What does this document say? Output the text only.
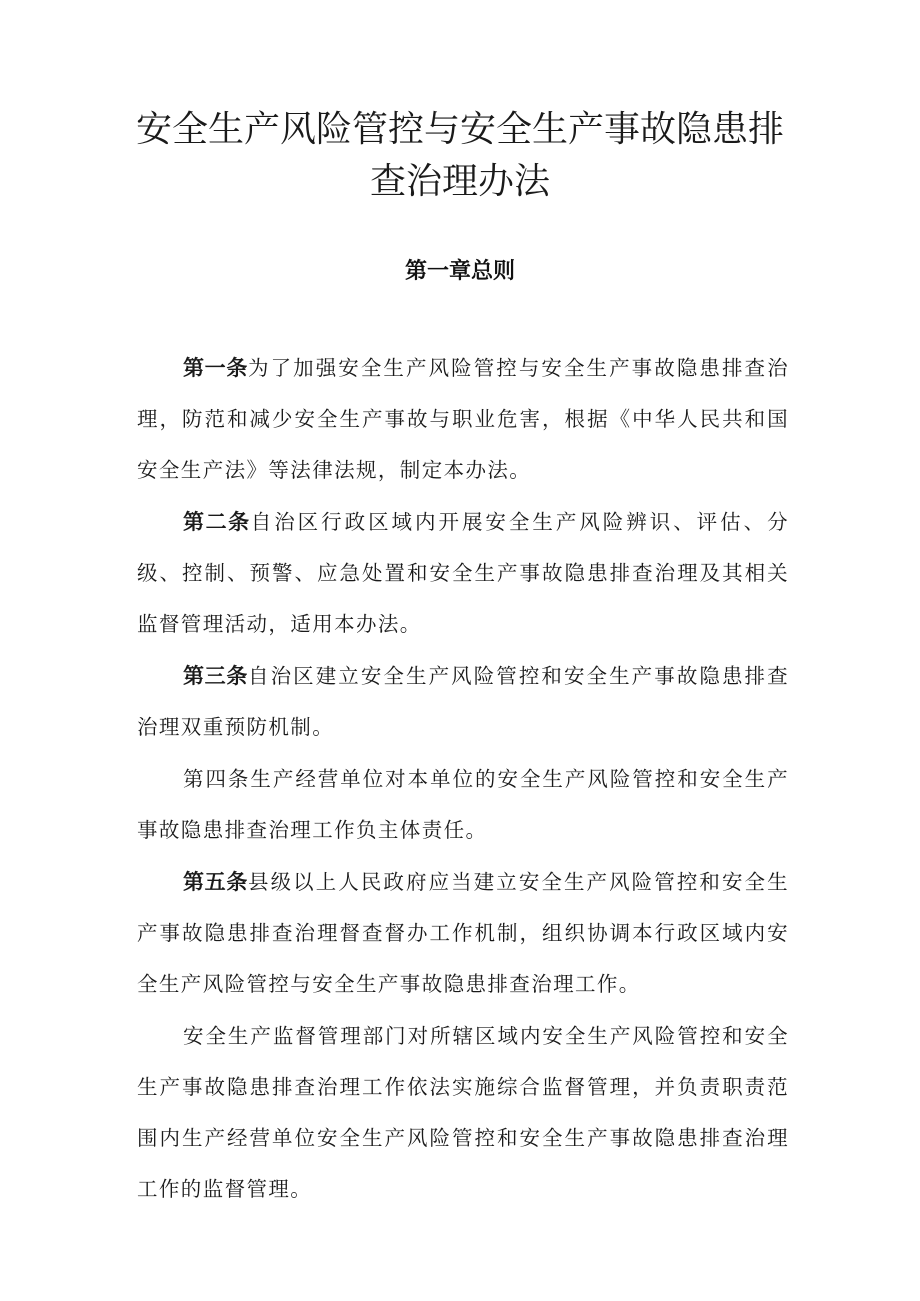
安全生产风险管控与安全生产事故隐患排查治理办法
第一章总则

第一条为了加强安全生产风险管控与安全生产事故隐患排查治理，防范和减少安全生产事故与职业危害，根据《中华人民共和国安全生产法》等法律法规，制定本办法。

第二条自治区行政区域内开展安全生产风险辨识、评估、分级、控制、预警、应急处置和安全生产事故隐患排查治理及其相关监督管理活动，适用本办法。

第三条自治区建立安全生产风险管控和安全生产事故隐患排查治理双重预防机制。

第四条生产经营单位对本单位的安全生产风险管控和安全生产事故隐患排查治理工作负主体责任。

第五条县级以上人民政府应当建立安全生产风险管控和安全生产事故隐患排查治理督查督办工作机制，组织协调本行政区域内安全生产风险管控与安全生产事故隐患排查治理工作。

安全生产监督管理部门对所辖区域内安全生产风险管控和安全生产事故隐患排查治理工作依法实施综合监督管理，并负责职责范围内生产经营单位安全生产风险管控和安全生产事故隐患排查治理工作的监督管理。
